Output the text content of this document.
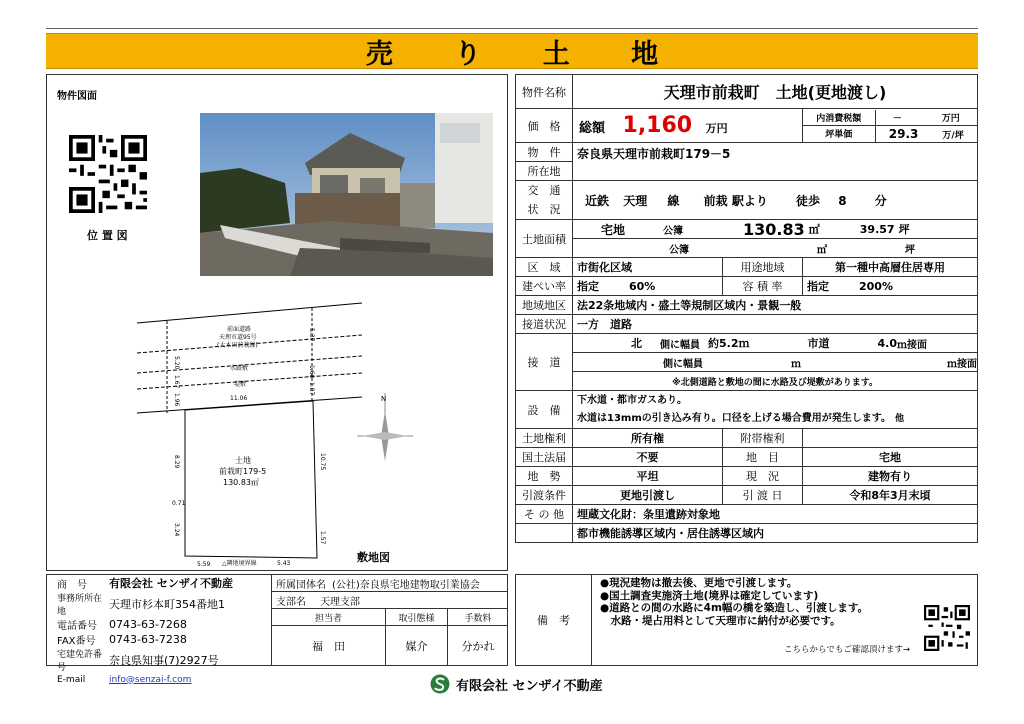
売 り 土 地
物件図面
位 置 図
前面道路
天理市道95号
(大木田前栽線)
水路敷
堤敷
11.06
5.20
5.37
1.67
1.60
1.96
1.87
8.29	10.75
0.71
3.24
1.57
5.59	5.43
△隣地境界線
土地
前栽町179-5
130.83㎡
N
敷地図
物件名称	天理市前栽町　土地(更地渡し)
価　格	総額 1,160 万円	
内消費税額	－	万円
坪単価	29.3	万/坪

物　件	奈良県天理市前栽町179－5
所在地

交　通
状　況
	近鉄 天理 線 前栽 駅より 徒歩 8 分
土地面積	
宅地	公簿	130.83 ㎡	39.57 坪
公簿	㎡	坪

区　域	市街化区域	用途地域	第一種中高層住居専用
建ぺい率	指定	60%	容 積 率	指定	200%
地域地区	法22条地域内・盛土等規制区域内・景観一般
接道状況	一方　道路
接　道	
北 側に幅員 約5.2ｍ	市道	4.0 ｍ接面
側に幅員	ｍ	ｍ接面
※北側道路と敷地の間に水路及び堤敷があります。

設　備	
下水道・都市ガスあり。
水道は13mmの引き込み有り。口径を上げる場合費用が発生します。 他

土地権利	所有権	附帯権利	
国土法届	不要	地　目	宅地
地　勢	平坦	現　況	建物有り
引渡条件	更地引渡し	引 渡 日	令和8年3月末頃
そ の 他	埋蔵文化財：条里遺跡対象地
	都市機能誘導区域内・居住誘導区域内
商　号	有限会社 センザイ不動産
事務所所在地	天理市杉本町354番地1
電話番号	0743-63-7268
FAX番号	0743-63-7238
宅建免許番号	奈良県知事(7)2927号
E-mail	info@senzai-f.com
所属団体名 (公社)奈良県宅地建物取引業協会
支部名 天理支部
担当者	取引態様	手数料
福　田	媒介	分かれ
備　考
●現況建物は撤去後、更地で引渡します。
●国土調査実施済土地(境界は確定しています)
●道路との間の水路に4m幅の橋を築造し、引渡します。
　水路・堤占用料として天理市に納付が必要です。
こちらからでもご確認頂けます→
有限会社 センザイ不動産
